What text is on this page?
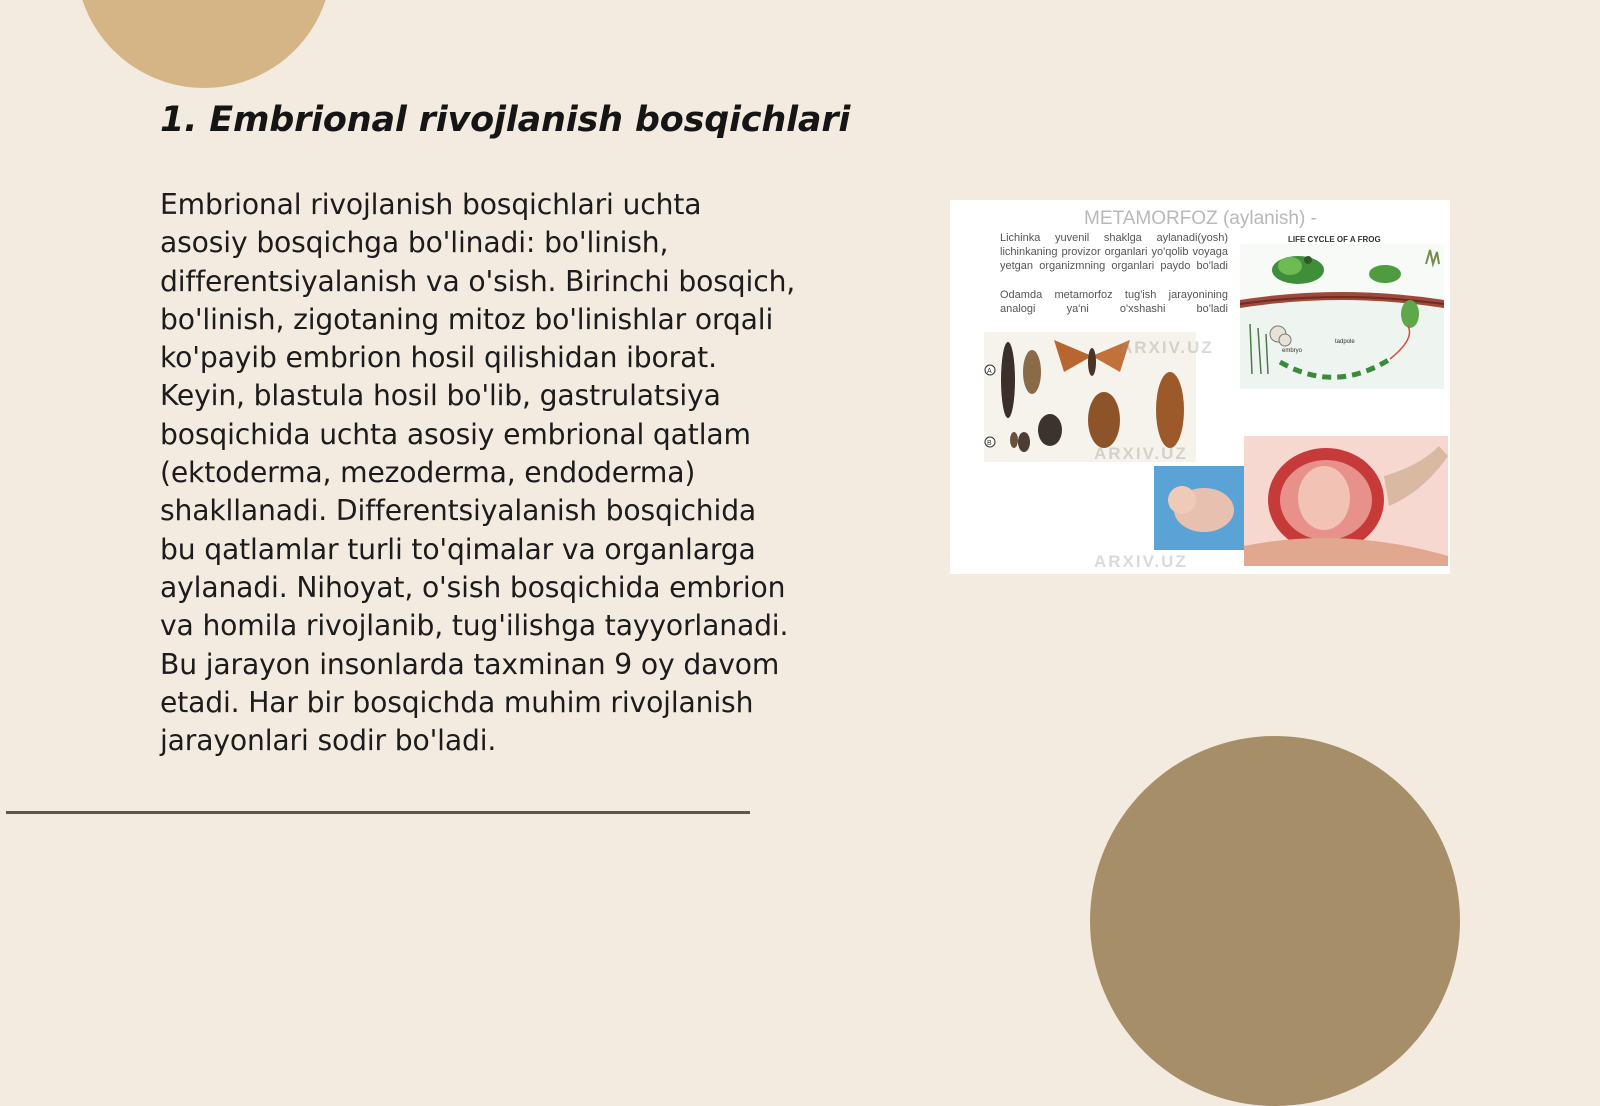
1. Embrional rivojlanish bosqichlari
Embrional rivojlanish bosqichlari uchta
asosiy bosqichga bo'linadi: bo'linish,
differentsiyalanish va o'sish. Birinchi bosqich,
bo'linish, zigotaning mitoz bo'linishlar orqali
ko'payib embrion hosil qilishidan iborat.
Keyin, blastula hosil bo'lib, gastrulatsiya
bosqichida uchta asosiy embrional qatlam
(ektoderma, mezoderma, endoderma)
shakllanadi. Differentsiyalanish bosqichida
bu qatlamlar turli to'qimalar va organlarga
aylanadi. Nihoyat, o'sish bosqichida embrion
va homila rivojlanib, tug'ilishga tayyorlanadi.
Bu jarayon insonlarda taxminan 9 oy davom
etadi. Har bir bosqichda muhim rivojlanish
jarayonlari sodir bo'ladi.
METAMORFOZ (aylanish) -
Lichinka yuvenil shaklga aylanadi(yosh) lichinkaning provizor organlari yo'qolib voyaga yetgan organizmning organlari paydo bo'ladi
Odamda metamorfoz tug'ish jarayonining analogi ya'ni o'xshashi bo'ladi
LIFE CYCLE OF A FROG
embryo
tadpole
A
B
ARXIV.UZ
ARXIV.UZ
ARXIV.UZ
